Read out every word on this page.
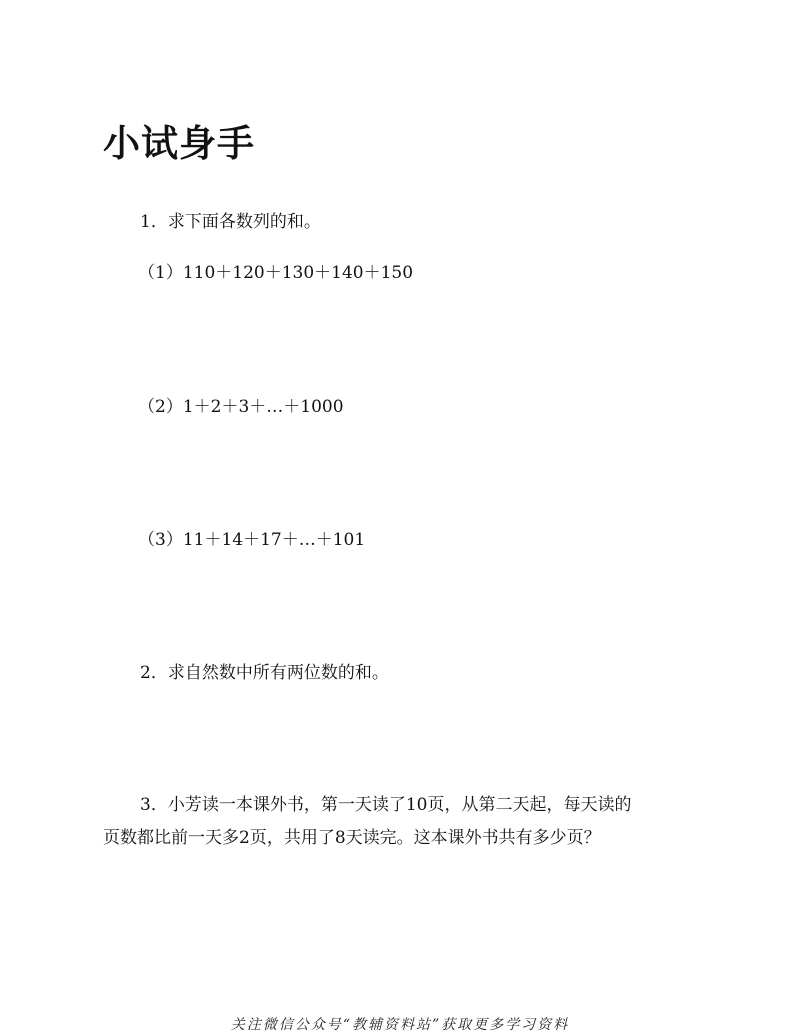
小试身手

1．求下面各数列的和。

（1）110＋120＋130＋140＋150

（2）1＋2＋3＋…＋1000

（3）11＋14＋17＋…＋101

2．求自然数中所有两位数的和。

3．小芳读一本课外书，第一天读了10页，从第二天起，每天读的

页数都比前一天多2页，共用了8天读完。这本课外书共有多少页？

关注微信公众号“教辅资料站”获取更多学习资料
